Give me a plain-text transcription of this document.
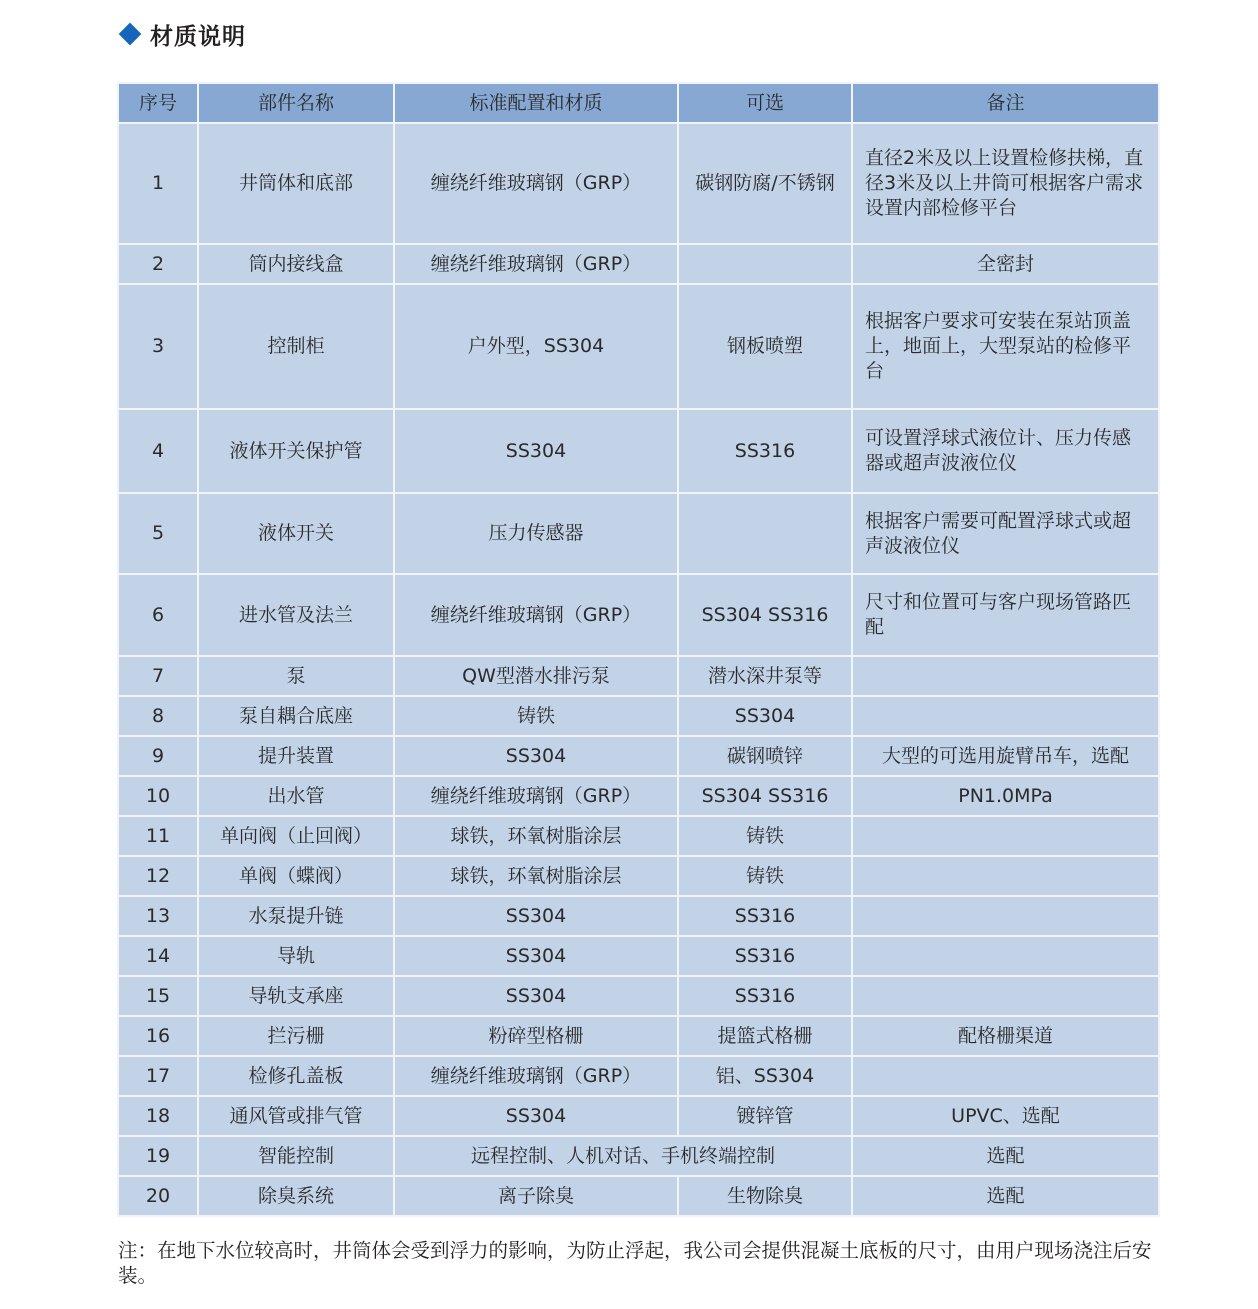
材质说明
序号	部件名称	标准配置和材质	可选	备注
1	井筒体和底部	缠绕纤维玻璃钢（GRP）	碳钢防腐/不锈钢	直径2米及以上设置检修扶梯，直径3米及以上井筒可根据客户需求设置内部检修平台
2	筒内接线盒	缠绕纤维玻璃钢（GRP）		全密封
3	控制柜	户外型，SS304	钢板喷塑	根据客户要求可安装在泵站顶盖上，地面上，大型泵站的检修平台
4	液体开关保护管	SS304	SS316	可设置浮球式液位计、压力传感器或超声波液位仪
5	液体开关	压力传感器		根据客户需要可配置浮球式或超声波液位仪
6	进水管及法兰	缠绕纤维玻璃钢（GRP）	SS304 SS316	尺寸和位置可与客户现场管路匹配
7	泵	QW型潜水排污泵	潜水深井泵等	
8	泵自耦合底座	铸铁	SS304	
9	提升装置	SS304	碳钢喷锌	大型的可选用旋臂吊车，选配
10	出水管	缠绕纤维玻璃钢（GRP）	SS304 SS316	PN1.0MPa
11	单向阀（止回阀）	球铁，环氧树脂涂层	铸铁	
12	单阀（蝶阀）	球铁，环氧树脂涂层	铸铁	
13	水泵提升链	SS304	SS316	
14	导轨	SS304	SS316	
15	导轨支承座	SS304	SS316	
16	拦污栅	粉碎型格栅	提篮式格栅	配格栅渠道
17	检修孔盖板	缠绕纤维玻璃钢（GRP）	铝、SS304	
18	通风管或排气管	SS304	镀锌管	UPVC、选配
19	智能控制	远程控制、人机对话、手机终端控制		选配
20	除臭系统	离子除臭	生物除臭	选配
注：在地下水位较高时，井筒体会受到浮力的影响，为防止浮起，我公司会提供混凝土底板的尺寸，由用户现场浇注后安装。
